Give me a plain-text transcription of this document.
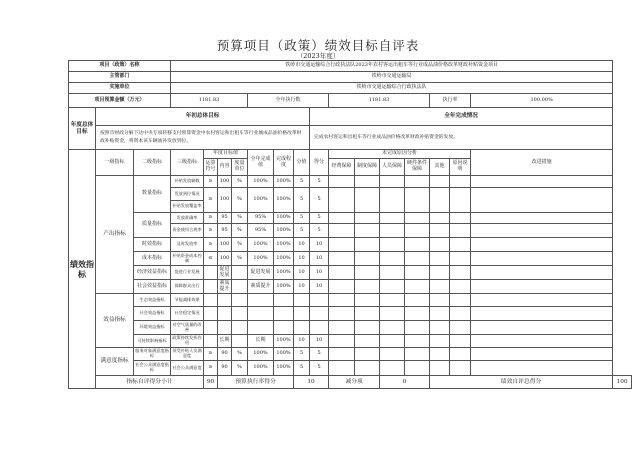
预算项目（政策）绩效目标自评表
（2023年度）
项目（政策）名称			铁岭市交通运输综合行政执法队2023年农村客运出租车等行业成品油价格改革财政补贴资金项目															
主管部门			铁岭市交通运输局															
实施单位			铁岭市交通运输综合行政执法队															
项目预算金额（万元）			1181.83				全年执行数				1181.83				执行率		100.00%	
年度总体目标	年初总体目标									全年完成情况								
	按照市财政分解下达中央专项转移支付预算资金中农村客运和出租车等行业城成品油价格改革财政补贴资金，将资本该车辆油补发放到位。									完成农村客运和出租车等行业成品油价格改革财政补贴资金的发放。								

绩效指标	一级指标	二级指标	三级指标	年度目标值			全年完成值	完成程度	分值	得分	未完成原因分析						改进措施	
				运算符号	内容	度量单位					经费保障	制度保障	人员保障	硬件条件保障	其他	原因说明		
	产出指标	数量指标	补贴发放辆数	≥	100	%	100%	100%	5	5								
			发放到位情况	≥	100	%	100%	100%	5	5								
			补贴发放覆盖率															
		质量指标	发放准确率	≥	95	%	95%	100%	5	5								
			资金使用合规率	≥	95	%	95%	100%	5	5								

		时效指标	及时发放率	≥	100	%	100%	100%	10	10								
		成本指标	补贴资金成本控制	≤	100	%	100%	100%	10	10								
		经济效益指标	促进行业发展		促进发展		促进发展	100%	10	10								
		社会效益指标	保障群众出行		素质提升		素质提升	100%	10	10								
	效益指标	生态效益指标	节能减排效果															
		社会效益指标	社会稳定情况															
		环境效益指标	对空气质量的改善															
		可持续影响指标	政策持续发挥作用		长期		长期	100%	10	10								
	满意度指标	服务对象满意度指标	领受补贴人员满意度	≥	90	%	100%	100%	5	5								
		社会公众满意度指标	社会公众满意度	≥	90	%	100%	100%	5	5								
	指标自评得分小计			90	预算执行率得分				10		减分项		0		绩效自评总得分			100
